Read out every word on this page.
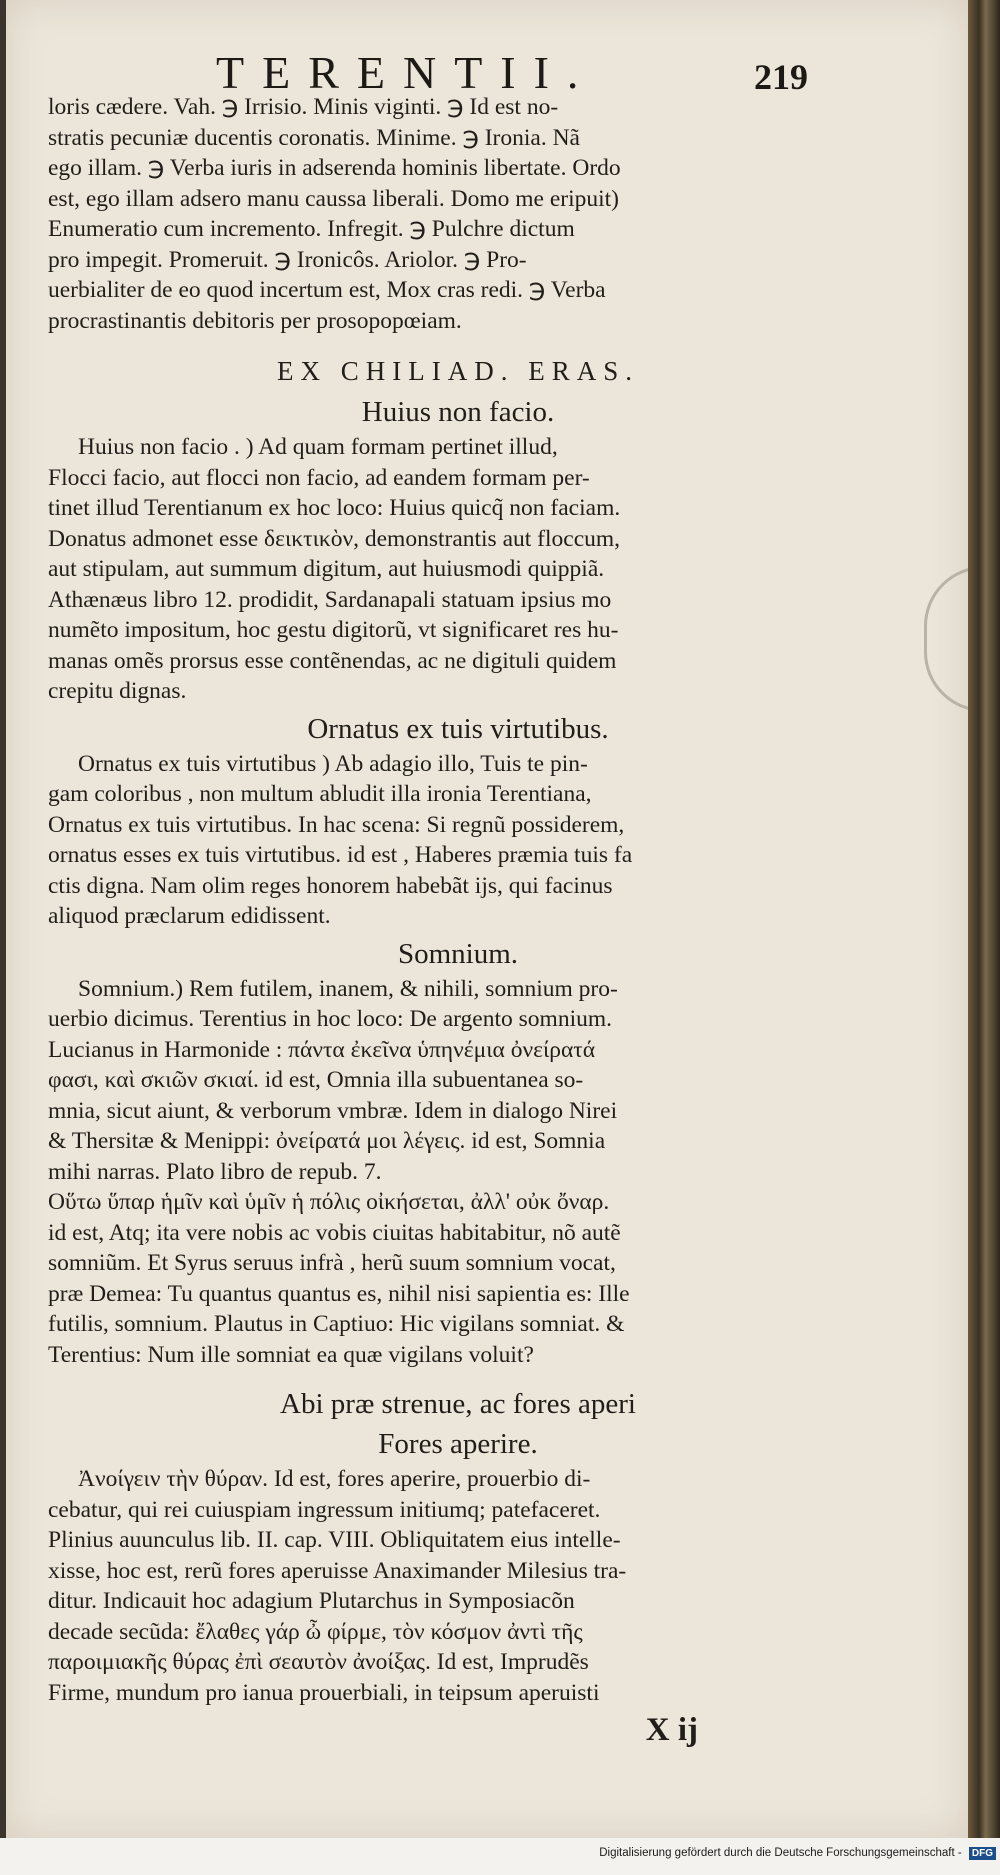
TERENTII.	219
loris cædere. Vah. ℈ Irrisio. Minis viginti. ℈ Id est no-
stratis pecuniæ ducentis coronatis. Minime. ℈ Ironia. Nã
ego illam. ℈ Verba iuris in adserenda hominis libertate. Ordo
est, ego illam adsero manu caussa liberali. Domo me eripuit)
Enumeratio cum incremento. Infregit. ℈ Pulchre dictum
pro impegit. Promeruit. ℈ Ironicôs. Ariolor. ℈ Pro-
uerbialiter de eo quod incertum est, Mox cras redi. ℈ Verba
procrastinantis debitoris per prosopopœiam.
EX CHILIAD. ERAS.
Huius non facio.
Huius non facio . ) Ad quam formam pertinet illud,
Flocci facio, aut flocci non facio, ad eandem formam per-
tinet illud Terentianum ex hoc loco: Huius quicq̃ non faciam.
Donatus admonet esse δεικτικὸν, demonstrantis aut floccum,
aut stipulam, aut summum digitum, aut huiusmodi quippiã.
Athænæus libro 12. prodidit, Sardanapali statuam ipsius mo
numẽto impositum, hoc gestu digitorũ, vt significaret res hu-
manas omẽs prorsus esse contẽnendas, ac ne digituli quidem
crepitu dignas.
Ornatus ex tuis virtutibus.
Ornatus ex tuis virtutibus ) Ab adagio illo, Tuis te pin-
gam coloribus , non multum abludit illa ironia Terentiana,
Ornatus ex tuis virtutibus. In hac scena: Si regnũ possiderem,
ornatus esses ex tuis virtutibus. id est , Haberes præmia tuis fa
ctis digna. Nam olim reges honorem habebãt ijs, qui facinus
aliquod præclarum edidissent.
Somnium.
Somnium.) Rem futilem, inanem, & nihili, somnium pro-
uerbio dicimus. Terentius in hoc loco: De argento somnium.
Lucianus in Harmonide : πάντα ἐκεῖνα ὑπηνέμια ὀνείρατά
φασι, καὶ σκιῶν σκιαί. id est, Omnia illa subuentanea so-
mnia, sicut aiunt, & verborum vmbræ. Idem in dialogo Nirei
& Thersitæ & Menippi: ὀνείρατά μοι λέγεις. id est, Somnia
mihi narras. Plato libro de repub. 7.
Οὕτω ὕπαρ ἡμῖν καὶ ὑμῖν ἡ πόλις οἰκήσεται, ἀλλ' οὐκ ὄναρ.
id est, Atq; ita vere nobis ac vobis ciuitas habitabitur, nõ autẽ
somniũm. Et Syrus seruus infrà , herũ suum somnium vocat,
præ Demea: Tu quantus quantus es, nihil nisi sapientia es: Ille
futilis, somnium. Plautus in Captiuo: Hic vigilans somniat. &
Terentius: Num ille somniat ea quæ vigilans voluit?
Abi præ strenue, ac fores aperi
Fores aperire.
Ἀνοίγειν τὴν θύραν. Id est, fores aperire, prouerbio di-
cebatur, qui rei cuiuspiam ingressum initiumq; patefaceret.
Plinius auunculus lib. II. cap. VIII. Obliquitatem eius intelle-
xisse, hoc est, rerũ fores aperuisse Anaximander Milesius tra-
ditur. Indicauit hoc adagium Plutarchus in Symposiacõn
decade secũda: ἔλαθες γάρ ὦ φίρμε, τὸν κόσμον ἀντὶ τῆς
παροιμιακῆς θύρας ἐπὶ σεαυτὸν ἀνοίξας. Id est, Imprudẽs
Firme, mundum pro ianua prouerbiali, in teipsum aperuisti
X ij
Digitalisierung gefördert durch die Deutsche Forschungsgemeinschaft - DFG
